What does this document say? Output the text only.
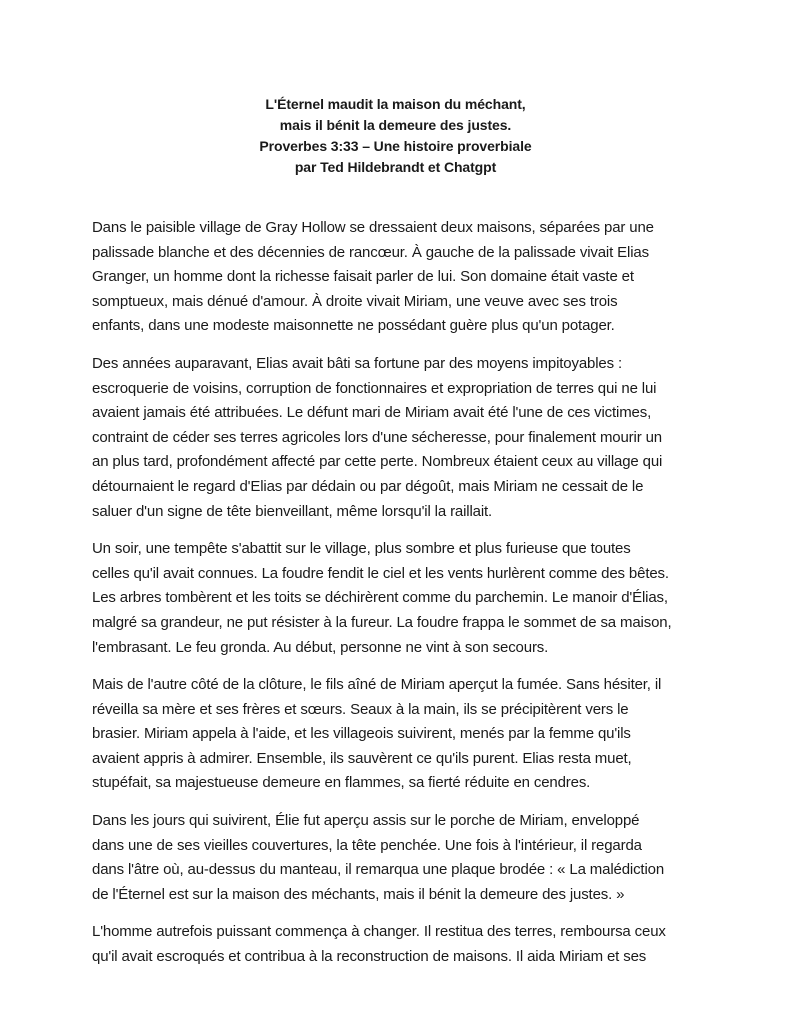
L'Éternel maudit la maison du méchant,
mais il bénit la demeure des justes.
Proverbes 3:33 – Une histoire proverbiale
par Ted Hildebrandt et Chatgpt
Dans le paisible village de Gray Hollow se dressaient deux maisons, séparées par une
palissade blanche et des décennies de rancœur. À gauche de la palissade vivait Elias
Granger, un homme dont la richesse faisait parler de lui. Son domaine était vaste et
somptueux, mais dénué d'amour. À droite vivait Miriam, une veuve avec ses trois
enfants, dans une modeste maisonnette ne possédant guère plus qu'un potager.
Des années auparavant, Elias avait bâti sa fortune par des moyens impitoyables :
escroquerie de voisins, corruption de fonctionnaires et expropriation de terres qui ne lui
avaient jamais été attribuées. Le défunt mari de Miriam avait été l'une de ces victimes,
contraint de céder ses terres agricoles lors d'une sécheresse, pour finalement mourir un
an plus tard, profondément affecté par cette perte. Nombreux étaient ceux au village qui
détournaient le regard d'Elias par dédain ou par dégoût, mais Miriam ne cessait de le
saluer d'un signe de tête bienveillant, même lorsqu'il la raillait.
Un soir, une tempête s'abattit sur le village, plus sombre et plus furieuse que toutes
celles qu'il avait connues. La foudre fendit le ciel et les vents hurlèrent comme des bêtes.
Les arbres tombèrent et les toits se déchirèrent comme du parchemin. Le manoir d'Élias,
malgré sa grandeur, ne put résister à la fureur. La foudre frappa le sommet de sa maison,
l'embrasant. Le feu gronda. Au début, personne ne vint à son secours.
Mais de l'autre côté de la clôture, le fils aîné de Miriam aperçut la fumée. Sans hésiter, il
réveilla sa mère et ses frères et sœurs. Seaux à la main, ils se précipitèrent vers le
brasier. Miriam appela à l'aide, et les villageois suivirent, menés par la femme qu'ils
avaient appris à admirer. Ensemble, ils sauvèrent ce qu'ils purent. Elias resta muet,
stupéfait, sa majestueuse demeure en flammes, sa fierté réduite en cendres.
Dans les jours qui suivirent, Élie fut aperçu assis sur le porche de Miriam, enveloppé
dans une de ses vieilles couvertures, la tête penchée. Une fois à l'intérieur, il regarda
dans l'âtre où, au-dessus du manteau, il remarqua une plaque brodée : « La malédiction
de l'Éternel est sur la maison des méchants, mais il bénit la demeure des justes. »
L'homme autrefois puissant commença à changer. Il restitua des terres, remboursa ceux
qu'il avait escroqués et contribua à la reconstruction de maisons. Il aida Miriam et ses
